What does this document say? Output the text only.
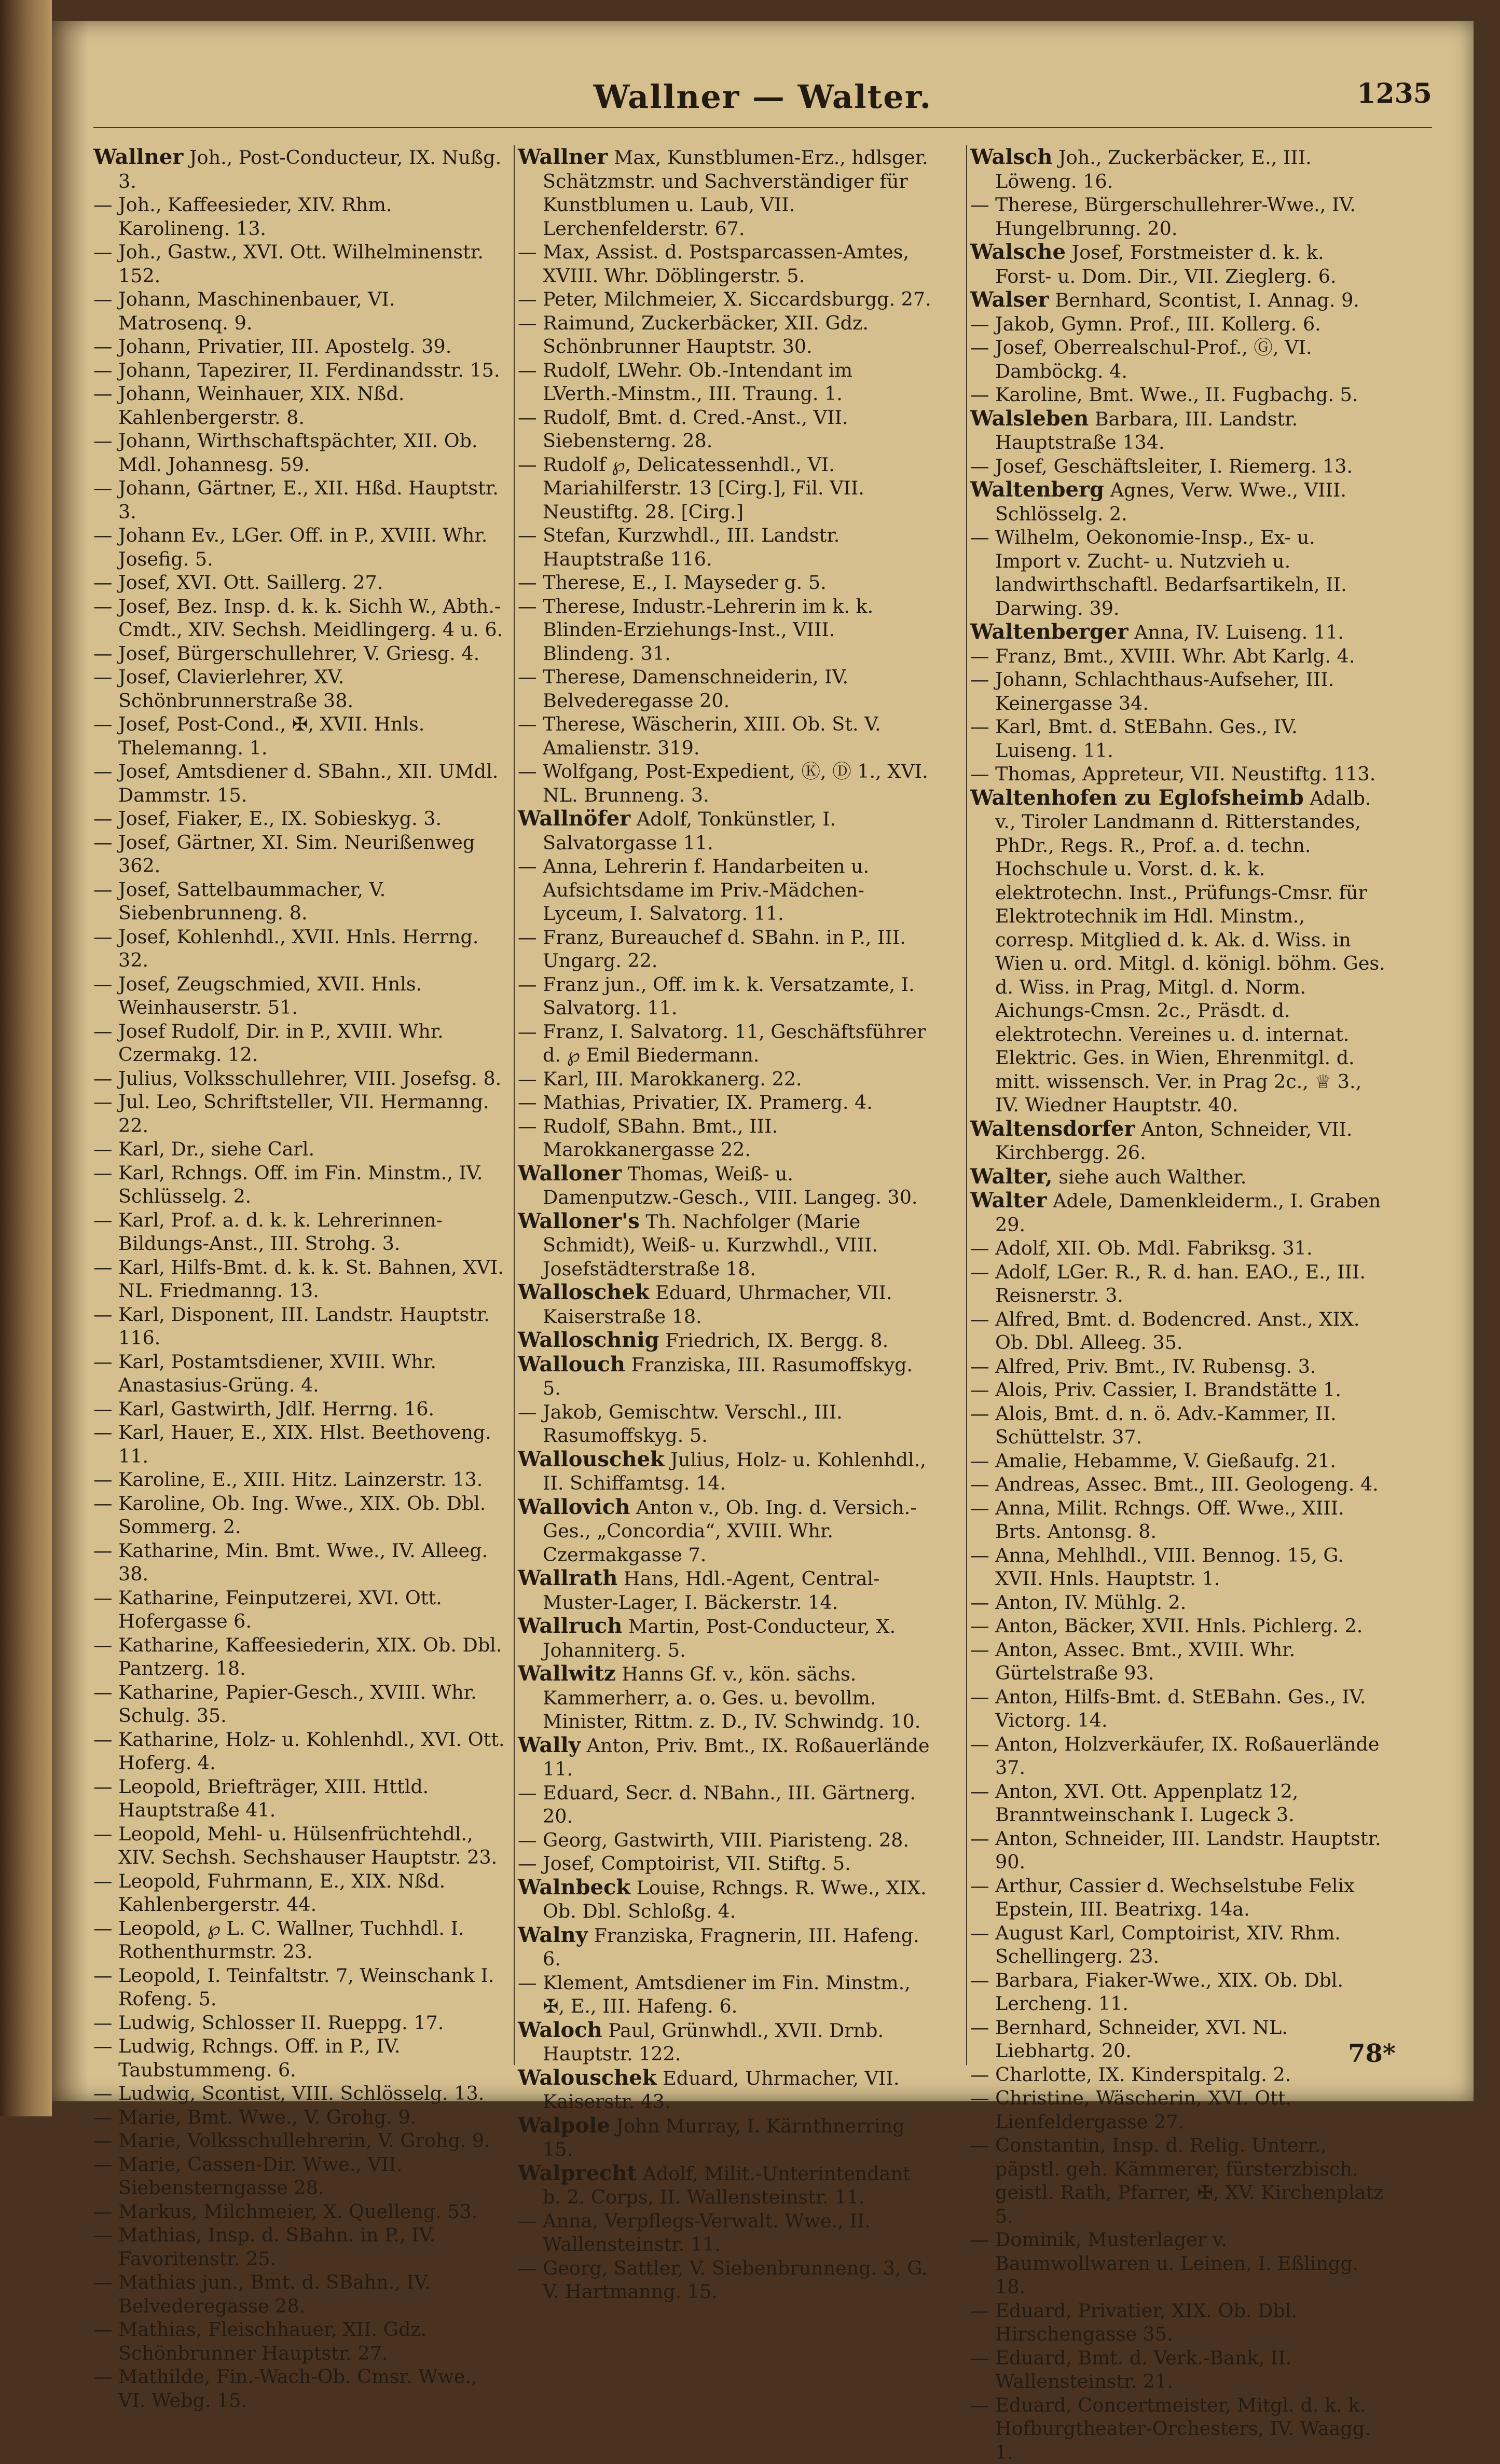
Wallner — Walter.	1235
Wallner Joh., Post-Conducteur, IX. Nußg. 3.
— Joh., Kaffeesieder, XIV. Rhm. Karolineng. 13.
— Joh., Gastw., XVI. Ott. Wilhelminenstr. 152.
— Johann, Maschinenbauer, VI. Matrosenq. 9.
— Johann, Privatier, III. Apostelg. 39.
— Johann, Tapezirer, II. Ferdinandsstr. 15.
— Johann, Weinhauer, XIX. Nßd. Kahlenbergerstr. 8.
— Johann, Wirthschaftspächter, XII. Ob. Mdl. Johannesg. 59.
— Johann, Gärtner, E., XII. Hßd. Hauptstr. 3.
— Johann Ev., LGer. Off. in P., XVIII. Whr. Josefig. 5.
— Josef, XVI. Ott. Saillerg. 27.
— Josef, Bez. Insp. d. k. k. Sichh W., Abth.-Cmdt., XIV. Sechsh. Meidlingerg. 4 u. 6.
— Josef, Bürgerschullehrer, V. Griesg. 4.
— Josef, Clavierlehrer, XV. Schönbrunnerstraße 38.
— Josef, Post-Cond., ✠, XVII. Hnls. Thelemanng. 1.
— Josef, Amtsdiener d. SBahn., XII. UMdl. Dammstr. 15.
— Josef, Fiaker, E., IX. Sobieskyg. 3.
— Josef, Gärtner, XI. Sim. Neurißenweg 362.
— Josef, Sattelbaummacher, V. Siebenbrunneng. 8.
— Josef, Kohlenhdl., XVII. Hnls. Herrng. 32.
— Josef, Zeugschmied, XVII. Hnls. Weinhauserstr. 51.
— Josef Rudolf, Dir. in P., XVIII. Whr. Czermakg. 12.
— Julius, Volksschullehrer, VIII. Josefsg. 8.
— Jul. Leo, Schriftsteller, VII. Hermanng. 22.
— Karl, Dr., siehe Carl.
— Karl, Rchngs. Off. im Fin. Minstm., IV. Schlüsselg. 2.
— Karl, Prof. a. d. k. k. Lehrerinnen-Bildungs-Anst., III. Strohg. 3.
— Karl, Hilfs-Bmt. d. k. k. St. Bahnen, XVI. NL. Friedmanng. 13.
— Karl, Disponent, III. Landstr. Hauptstr. 116.
— Karl, Postamtsdiener, XVIII. Whr. Anastasius-Grüng. 4.
— Karl, Gastwirth, Jdlf. Herrng. 16.
— Karl, Hauer, E., XIX. Hlst. Beethoveng. 11.
— Karoline, E., XIII. Hitz. Lainzerstr. 13.
— Karoline, Ob. Ing. Wwe., XIX. Ob. Dbl. Sommerg. 2.
— Katharine, Min. Bmt. Wwe., IV. Alleeg. 38.
— Katharine, Feinputzerei, XVI. Ott. Hofergasse 6.
— Katharine, Kaffeesiederin, XIX. Ob. Dbl. Pantzerg. 18.
— Katharine, Papier-Gesch., XVIII. Whr. Schulg. 35.
— Katharine, Holz- u. Kohlenhdl., XVI. Ott. Hoferg. 4.
— Leopold, Briefträger, XIII. Httld. Hauptstraße 41.
— Leopold, Mehl- u. Hülsenfrüchtehdl., XIV. Sechsh. Sechshauser Hauptstr. 23.
— Leopold, Fuhrmann, E., XIX. Nßd. Kahlenbergerstr. 44.
— Leopold, ℘ L. C. Wallner, Tuchhdl. I. Rothenthurmstr. 23.
— Leopold, I. Teinfaltstr. 7, Weinschank I. Rofeng. 5.
— Ludwig, Schlosser II. Rueppg. 17.
— Ludwig, Rchngs. Off. in P., IV. Taubstummeng. 6.
— Ludwig, Scontist, VIII. Schlösselg. 13.
— Marie, Bmt. Wwe., V. Grohg. 9.
— Marie, Volksschullehrerin, V. Grohg. 9.
— Marie, Cassen-Dir. Wwe., VII. Siebensterngasse 28.
— Markus, Milchmeier, X. Quelleng. 53.
— Mathias, Insp. d. SBahn. in P., IV. Favoritenstr. 25.
— Mathias jun., Bmt. d. SBahn., IV. Belvederegasse 28.
— Mathias, Fleischhauer, XII. Gdz. Schönbrunner Hauptstr. 27.
— Mathilde, Fin.-Wach-Ob. Cmsr. Wwe., VI. Webg. 15.
Wallner Max, Kunstblumen-Erz., hdlsger. Schätzmstr. und Sachverständiger für Kunstblumen u. Laub, VII. Lerchenfelderstr. 67.
— Max, Assist. d. Postsparcassen-Amtes, XVIII. Whr. Döblingerstr. 5.
— Peter, Milchmeier, X. Siccardsburgg. 27.
— Raimund, Zuckerbäcker, XII. Gdz. Schönbrunner Hauptstr. 30.
— Rudolf, LWehr. Ob.-Intendant im LVerth.-Minstm., III. Traung. 1.
— Rudolf, Bmt. d. Cred.-Anst., VII. Siebensterng. 28.
— Rudolf ℘, Delicatessenhdl., VI. Mariahilferstr. 13 [Cirg.], Fil. VII. Neustiftg. 28. [Cirg.]
— Stefan, Kurzwhdl., III. Landstr. Hauptstraße 116.
— Therese, E., I. Mayseder g. 5.
— Therese, Industr.-Lehrerin im k. k. Blinden-Erziehungs-Inst., VIII. Blindeng. 31.
— Therese, Damenschneiderin, IV. Belvederegasse 20.
— Therese, Wäscherin, XIII. Ob. St. V. Amalienstr. 319.
— Wolfgang, Post-Expedient, Ⓚ, Ⓓ 1., XVI. NL. Brunneng. 3.
Wallnöfer Adolf, Tonkünstler, I. Salvatorgasse 11.
— Anna, Lehrerin f. Handarbeiten u. Aufsichtsdame im Priv.-Mädchen-Lyceum, I. Salvatorg. 11.
— Franz, Bureauchef d. SBahn. in P., III. Ungarg. 22.
— Franz jun., Off. im k. k. Versatzamte, I. Salvatorg. 11.
— Franz, I. Salvatorg. 11, Geschäftsführer d. ℘ Emil Biedermann.
— Karl, III. Marokkanerg. 22.
— Mathias, Privatier, IX. Pramerg. 4.
— Rudolf, SBahn. Bmt., III. Marokkanergasse 22.
Walloner Thomas, Weiß- u. Damenputzw.-Gesch., VIII. Langeg. 30.
Walloner's Th. Nachfolger (Marie Schmidt), Weiß- u. Kurzwhdl., VIII. Josefstädterstraße 18.
Walloschek Eduard, Uhrmacher, VII. Kaiserstraße 18.
Walloschnig Friedrich, IX. Bergg. 8.
Wallouch Franziska, III. Rasumoffskyg. 5.
— Jakob, Gemischtw. Verschl., III. Rasumoffskyg. 5.
Wallouschek Julius, Holz- u. Kohlenhdl., II. Schiffamtsg. 14.
Wallovich Anton v., Ob. Ing. d. Versich.-Ges., „Concordia“, XVIII. Whr. Czermakgasse 7.
Wallrath Hans, Hdl.-Agent, Central-Muster-Lager, I. Bäckerstr. 14.
Wallruch Martin, Post-Conducteur, X. Johanniterg. 5.
Wallwitz Hanns Gf. v., kön. sächs. Kammerherr, a. o. Ges. u. bevollm. Minister, Rittm. z. D., IV. Schwindg. 10.
Wally Anton, Priv. Bmt., IX. Roßauerlände 11.
— Eduard, Secr. d. NBahn., III. Gärtnerg. 20.
— Georg, Gastwirth, VIII. Piaristeng. 28.
— Josef, Comptoirist, VII. Stiftg. 5.
Walnbeck Louise, Rchngs. R. Wwe., XIX. Ob. Dbl. Schloßg. 4.
Walny Franziska, Fragnerin, III. Hafeng. 6.
— Klement, Amtsdiener im Fin. Minstm., ✠, E., III. Hafeng. 6.
Waloch Paul, Grünwhdl., XVII. Drnb. Hauptstr. 122.
Walouschek Eduard, Uhrmacher, VII. Kaiserstr. 43.
Walpole John Murray, I. Kärnthnerring 15.
Walprecht Adolf, Milit.-Unterintendant b. 2. Corps, II. Wallensteinstr. 11.
— Anna, Verpflegs-Verwalt. Wwe., II. Wallensteinstr. 11.
— Georg, Sattler, V. Siebenbrunneng. 3, G. V. Hartmanng. 15.
Walsch Joh., Zuckerbäcker, E., III. Löweng. 16.
— Therese, Bürgerschullehrer-Wwe., IV. Hungelbrunng. 20.
Walsche Josef, Forstmeister d. k. k. Forst- u. Dom. Dir., VII. Zieglerg. 6.
Walser Bernhard, Scontist, I. Annag. 9.
— Jakob, Gymn. Prof., III. Kollerg. 6.
— Josef, Oberrealschul-Prof., Ⓖ, VI. Damböckg. 4.
— Karoline, Bmt. Wwe., II. Fugbachg. 5.
Walsleben Barbara, III. Landstr. Hauptstraße 134.
— Josef, Geschäftsleiter, I. Riemerg. 13.
Waltenberg Agnes, Verw. Wwe., VIII. Schlösselg. 2.
— Wilhelm, Oekonomie-Insp., Ex- u. Import v. Zucht- u. Nutzvieh u. landwirthschaftl. Bedarfsartikeln, II. Darwing. 39.
Waltenberger Anna, IV. Luiseng. 11.
— Franz, Bmt., XVIII. Whr. Abt Karlg. 4.
— Johann, Schlachthaus-Aufseher, III. Keinergasse 34.
— Karl, Bmt. d. StEBahn. Ges., IV. Luiseng. 11.
— Thomas, Appreteur, VII. Neustiftg. 113.
Waltenhofen zu Eglofsheimb Adalb. v., Tiroler Landmann d. Ritterstandes, PhDr., Regs. R., Prof. a. d. techn. Hochschule u. Vorst. d. k. k. elektrotechn. Inst., Prüfungs-Cmsr. für Elektrotechnik im Hdl. Minstm., corresp. Mitglied d. k. Ak. d. Wiss. in Wien u. ord. Mitgl. d. königl. böhm. Ges. d. Wiss. in Prag, Mitgl. d. Norm. Aichungs-Cmsn. 2c., Präsdt. d. elektrotechn. Vereines u. d. internat. Elektric. Ges. in Wien, Ehrenmitgl. d. mitt. wissensch. Ver. in Prag 2c., ♕ 3., IV. Wiedner Hauptstr. 40.
Waltensdorfer Anton, Schneider, VII. Kirchbergg. 26.
Walter, siehe auch Walther.
Walter Adele, Damenkleiderm., I. Graben 29.
— Adolf, XII. Ob. Mdl. Fabriksg. 31.
— Adolf, LGer. R., R. d. han. EAO., E., III. Reisnerstr. 3.
— Alfred, Bmt. d. Bodencred. Anst., XIX. Ob. Dbl. Alleeg. 35.
— Alfred, Priv. Bmt., IV. Rubensg. 3.
— Alois, Priv. Cassier, I. Brandstätte 1.
— Alois, Bmt. d. n. ö. Adv.-Kammer, II. Schüttelstr. 37.
— Amalie, Hebamme, V. Gießaufg. 21.
— Andreas, Assec. Bmt., III. Geologeng. 4.
— Anna, Milit. Rchngs. Off. Wwe., XIII. Brts. Antonsg. 8.
— Anna, Mehlhdl., VIII. Bennog. 15, G. XVII. Hnls. Hauptstr. 1.
— Anton, IV. Mühlg. 2.
— Anton, Bäcker, XVII. Hnls. Pichlerg. 2.
— Anton, Assec. Bmt., XVIII. Whr. Gürtelstraße 93.
— Anton, Hilfs-Bmt. d. StEBahn. Ges., IV. Victorg. 14.
— Anton, Holzverkäufer, IX. Roßauerlände 37.
— Anton, XVI. Ott. Appenplatz 12, Branntweinschank I. Lugeck 3.
— Anton, Schneider, III. Landstr. Hauptstr. 90.
— Arthur, Cassier d. Wechselstube Felix Epstein, III. Beatrixg. 14a.
— August Karl, Comptoirist, XIV. Rhm. Schellingerg. 23.
— Barbara, Fiaker-Wwe., XIX. Ob. Dbl. Lercheng. 11.
— Bernhard, Schneider, XVI. NL. Liebhartg. 20.
— Charlotte, IX. Kinderspitalg. 2.
— Christine, Wäscherin, XVI. Ott. Lienfeldergasse 27.
— Constantin, Insp. d. Relig. Unterr., päpstl. geh. Kämmerer, fürsterzbisch. geistl. Rath, Pfarrer, ✠, XV. Kirchenplatz 5.
— Dominik, Musterlager v. Baumwollwaren u. Leinen, I. Eßlingg. 18.
— Eduard, Privatier, XIX. Ob. Dbl. Hirschengasse 35.
— Eduard, Bmt. d. Verk.-Bank, II. Wallensteinstr. 21.
— Eduard, Concertmeister, Mitgl. d. k. k. Hofburgtheater-Orchesters, IV. Waagg. 1.
78*
